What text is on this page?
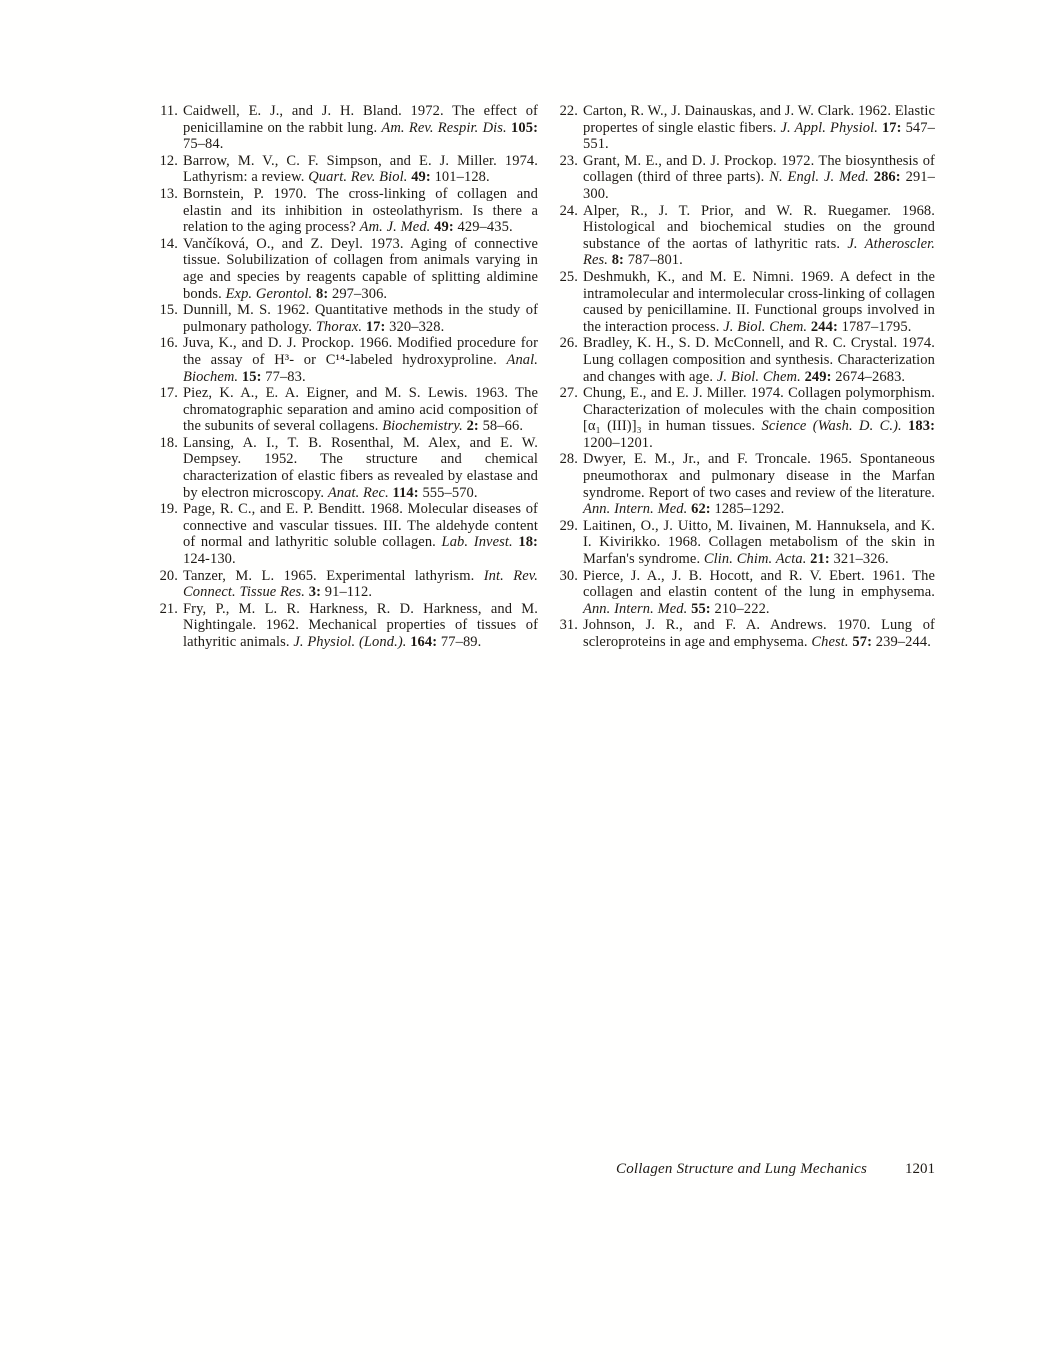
11. Caidwell, E. J., and J. H. Bland. 1972. The effect of penicillamine on the rabbit lung. Am. Rev. Respir. Dis. 105: 75–84.
12. Barrow, M. V., C. F. Simpson, and E. J. Miller. 1974. Lathyrism: a review. Quart. Rev. Biol. 49: 101–128.
13. Bornstein, P. 1970. The cross-linking of collagen and elastin and its inhibition in osteolathyrism. Is there a relation to the aging process? Am. J. Med. 49: 429–435.
14. Vančíková, O., and Z. Deyl. 1973. Aging of connective tissue. Solubilization of collagen from animals varying in age and species by reagents capable of splitting aldimine bonds. Exp. Gerontol. 8: 297–306.
15. Dunnill, M. S. 1962. Quantitative methods in the study of pulmonary pathology. Thorax. 17: 320–328.
16. Juva, K., and D. J. Prockop. 1966. Modified procedure for the assay of H³- or C¹⁴-labeled hydroxyproline. Anal. Biochem. 15: 77–83.
17. Piez, K. A., E. A. Eigner, and M. S. Lewis. 1963. The chromatographic separation and amino acid composition of the subunits of several collagens. Biochemistry. 2: 58–66.
18. Lansing, A. I., T. B. Rosenthal, M. Alex, and E. W. Dempsey. 1952. The structure and chemical characterization of elastic fibers as revealed by elastase and by electron microscopy. Anat. Rec. 114: 555–570.
19. Page, R. C., and E. P. Benditt. 1968. Molecular diseases of connective and vascular tissues. III. The aldehyde content of normal and lathyritic soluble collagen. Lab. Invest. 18: 124-130.
20. Tanzer, M. L. 1965. Experimental lathyrism. Int. Rev. Connect. Tissue Res. 3: 91–112.
21. Fry, P., M. L. R. Harkness, R. D. Harkness, and M. Nightingale. 1962. Mechanical properties of tissues of lathyritic animals. J. Physiol. (Lond.). 164: 77–89.
22. Carton, R. W., J. Dainauskas, and J. W. Clark. 1962. Elastic propertes of single elastic fibers. J. Appl. Physiol. 17: 547–551.
23. Grant, M. E., and D. J. Prockop. 1972. The biosynthesis of collagen (third of three parts). N. Engl. J. Med. 286: 291–300.
24. Alper, R., J. T. Prior, and W. R. Ruegamer. 1968. Histological and biochemical studies on the ground substance of the aortas of lathyritic rats. J. Atheroscler. Res. 8: 787–801.
25. Deshmukh, K., and M. E. Nimni. 1969. A defect in the intramolecular and intermolecular cross-linking of collagen caused by penicillamine. II. Functional groups involved in the interaction process. J. Biol. Chem. 244: 1787–1795.
26. Bradley, K. H., S. D. McConnell, and R. C. Crystal. 1974. Lung collagen composition and synthesis. Characterization and changes with age. J. Biol. Chem. 249: 2674–2683.
27. Chung, E., and E. J. Miller. 1974. Collagen polymorphism. Characterization of molecules with the chain composition [α₁ (III)]₃ in human tissues. Science (Wash. D. C.). 183: 1200–1201.
28. Dwyer, E. M., Jr., and F. Troncale. 1965. Spontaneous pneumothorax and pulmonary disease in the Marfan syndrome. Report of two cases and review of the literature. Ann. Intern. Med. 62: 1285–1292.
29. Laitinen, O., J. Uitto, M. Iivainen, M. Hannuksela, and K. I. Kivirikko. 1968. Collagen metabolism of the skin in Marfan's syndrome. Clin. Chim. Acta. 21: 321–326.
30. Pierce, J. A., J. B. Hocott, and R. V. Ebert. 1961. The collagen and elastin content of the lung in emphysema. Ann. Intern. Med. 55: 210–222.
31. Johnson, J. R., and F. A. Andrews. 1970. Lung of scleroproteins in age and emphysema. Chest. 57: 239–244.
Collagen Structure and Lung Mechanics	1201
